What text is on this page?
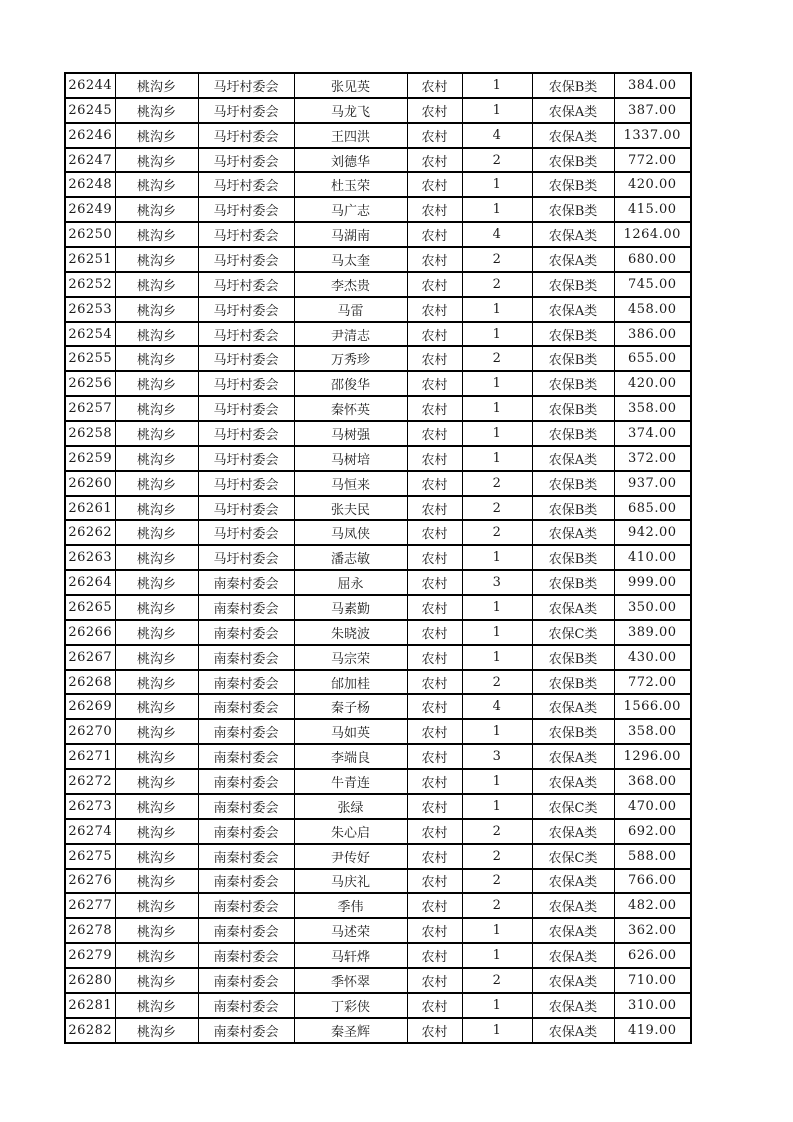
26244	桃沟乡	马圩村委会	张见英	农村	1	农保B类	384.00
26245	桃沟乡	马圩村委会	马龙飞	农村	1	农保A类	387.00
26246	桃沟乡	马圩村委会	王四洪	农村	4	农保A类	1337.00
26247	桃沟乡	马圩村委会	刘德华	农村	2	农保B类	772.00
26248	桃沟乡	马圩村委会	杜玉荣	农村	1	农保B类	420.00
26249	桃沟乡	马圩村委会	马广志	农村	1	农保B类	415.00
26250	桃沟乡	马圩村委会	马湖南	农村	4	农保A类	1264.00
26251	桃沟乡	马圩村委会	马太奎	农村	2	农保A类	680.00
26252	桃沟乡	马圩村委会	李杰贵	农村	2	农保B类	745.00
26253	桃沟乡	马圩村委会	马雷	农村	1	农保A类	458.00
26254	桃沟乡	马圩村委会	尹清志	农村	1	农保B类	386.00
26255	桃沟乡	马圩村委会	万秀珍	农村	2	农保B类	655.00
26256	桃沟乡	马圩村委会	邵俊华	农村	1	农保B类	420.00
26257	桃沟乡	马圩村委会	秦怀英	农村	1	农保B类	358.00
26258	桃沟乡	马圩村委会	马树强	农村	1	农保B类	374.00
26259	桃沟乡	马圩村委会	马树培	农村	1	农保A类	372.00
26260	桃沟乡	马圩村委会	马恒来	农村	2	农保B类	937.00
26261	桃沟乡	马圩村委会	张夫民	农村	2	农保B类	685.00
26262	桃沟乡	马圩村委会	马凤侠	农村	2	农保A类	942.00
26263	桃沟乡	马圩村委会	潘志敏	农村	1	农保B类	410.00
26264	桃沟乡	南秦村委会	屈永	农村	3	农保B类	999.00
26265	桃沟乡	南秦村委会	马素勤	农村	1	农保A类	350.00
26266	桃沟乡	南秦村委会	朱晓波	农村	1	农保C类	389.00
26267	桃沟乡	南秦村委会	马宗荣	农村	1	农保B类	430.00
26268	桃沟乡	南秦村委会	邰加桂	农村	2	农保B类	772.00
26269	桃沟乡	南秦村委会	秦子杨	农村	4	农保A类	1566.00
26270	桃沟乡	南秦村委会	马如英	农村	1	农保B类	358.00
26271	桃沟乡	南秦村委会	李端良	农村	3	农保A类	1296.00
26272	桃沟乡	南秦村委会	牛青连	农村	1	农保A类	368.00
26273	桃沟乡	南秦村委会	张绿	农村	1	农保C类	470.00
26274	桃沟乡	南秦村委会	朱心启	农村	2	农保A类	692.00
26275	桃沟乡	南秦村委会	尹传好	农村	2	农保C类	588.00
26276	桃沟乡	南秦村委会	马庆礼	农村	2	农保A类	766.00
26277	桃沟乡	南秦村委会	季伟	农村	2	农保A类	482.00
26278	桃沟乡	南秦村委会	马述荣	农村	1	农保A类	362.00
26279	桃沟乡	南秦村委会	马轩烨	农村	1	农保A类	626.00
26280	桃沟乡	南秦村委会	季怀翠	农村	2	农保A类	710.00
26281	桃沟乡	南秦村委会	丁彩侠	农村	1	农保A类	310.00
26282	桃沟乡	南秦村委会	秦圣辉	农村	1	农保A类	419.00
